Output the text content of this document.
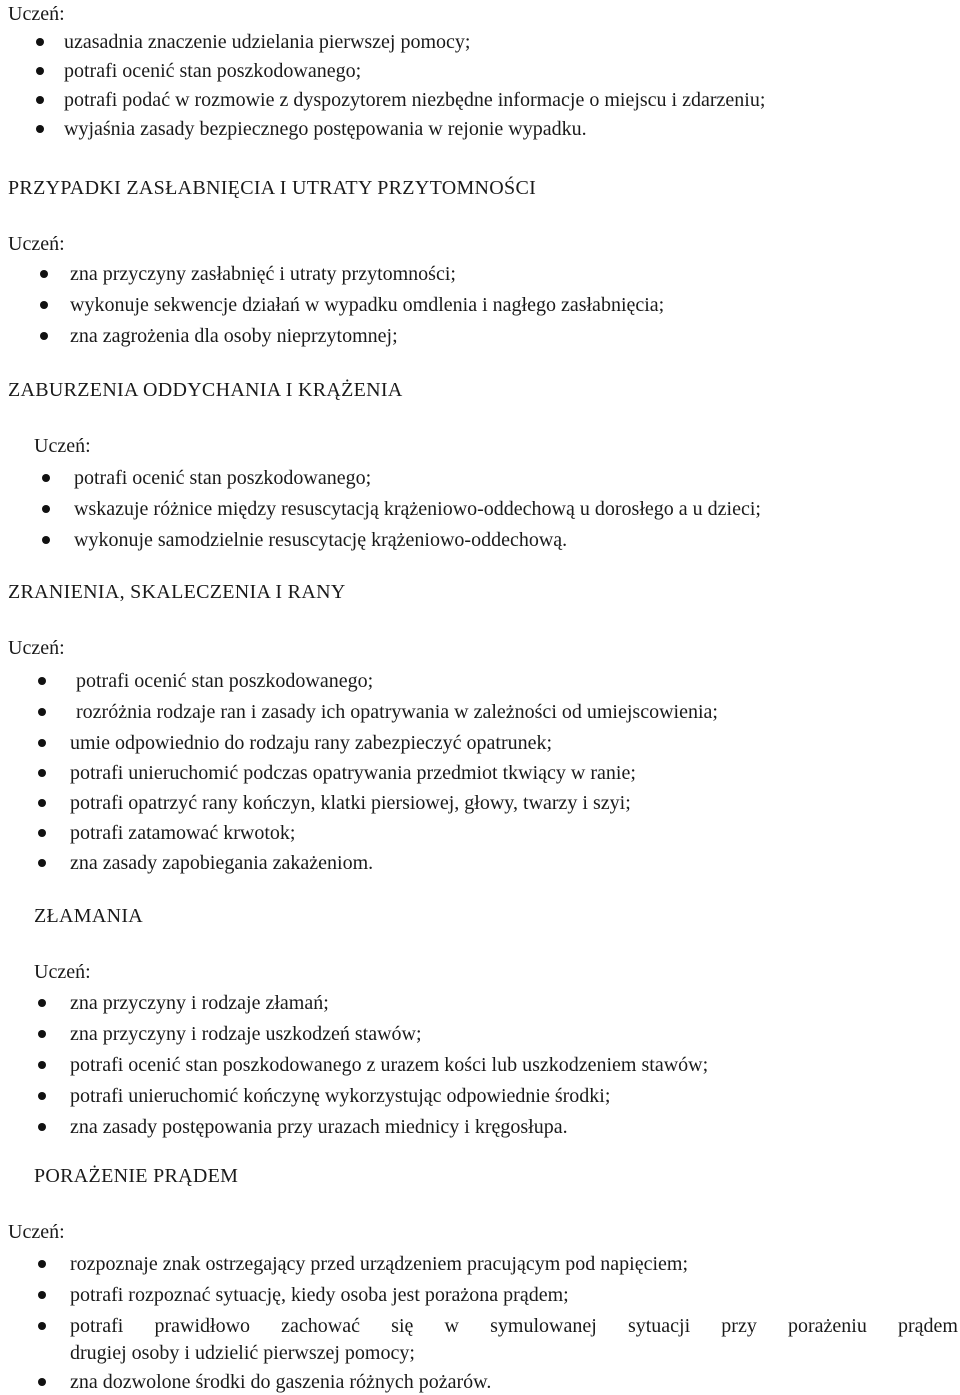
Uczeń:
uzasadnia znaczenie udzielania pierwszej pomocy;
potrafi ocenić stan poszkodowanego;
potrafi podać w rozmowie z dyspozytorem niezbędne informacje o miejscu i zdarzeniu;
wyjaśnia zasady bezpiecznego postępowania w rejonie wypadku.
PRZYPADKI ZASŁABNIĘCIA I UTRATY PRZYTOMNOŚCI
Uczeń:
zna przyczyny zasłabnięć i utraty przytomności;
wykonuje sekwencje działań w wypadku omdlenia i nagłego zasłabnięcia;
zna zagrożenia dla osoby nieprzytomnej;
ZABURZENIA ODDYCHANIA I KRĄŻENIA
Uczeń:
potrafi ocenić stan poszkodowanego;
wskazuje różnice między resuscytacją krążeniowo-oddechową u dorosłego a u dzieci;
wykonuje samodzielnie resuscytację krążeniowo-oddechową.
ZRANIENIA, SKALECZENIA I RANY
Uczeń:
potrafi ocenić stan poszkodowanego;
rozróżnia rodzaje ran i zasady ich opatrywania w zależności od umiejscowienia;
umie odpowiednio do rodzaju rany zabezpieczyć opatrunek;
potrafi unieruchomić podczas opatrywania przedmiot tkwiący w ranie;
potrafi opatrzyć rany kończyn, klatki piersiowej, głowy, twarzy i szyi;
potrafi zatamować krwotok;
zna zasady zapobiegania zakażeniom.
ZŁAMANIA
Uczeń:
zna przyczyny i rodzaje złamań;
zna przyczyny i rodzaje uszkodzeń stawów;
potrafi ocenić stan poszkodowanego z urazem kości lub uszkodzeniem stawów;
potrafi unieruchomić kończynę wykorzystując odpowiednie środki;
zna zasady postępowania przy urazach miednicy i kręgosłupa.
PORAŻENIE PRĄDEM
Uczeń:
rozpoznaje znak ostrzegający przed urządzeniem pracującym pod napięciem;
potrafi rozpoznać sytuację, kiedy osoba jest porażona prądem;
potrafi prawidłowo zachować się w symulowanej sytuacji przy porażeniu prądem
drugiej osoby i udzielić pierwszej pomocy;
zna dozwolone środki do gaszenia różnych pożarów.
